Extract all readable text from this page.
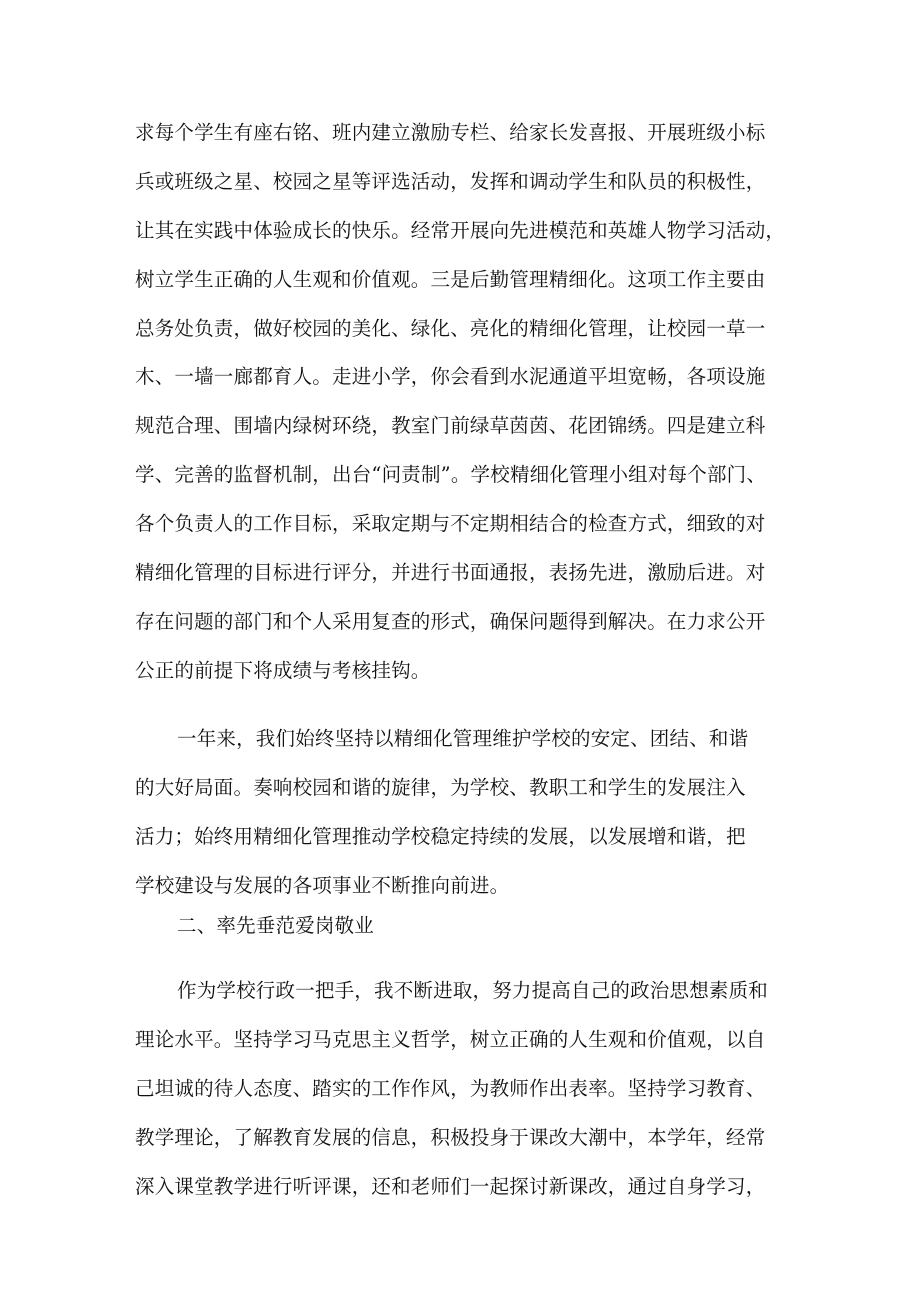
求每个学生有座右铭、班内建立激励专栏、给家长发喜报、开展班级小标
兵或班级之星、校园之星等评选活动，发挥和调动学生和队员的积极性，
让其在实践中体验成长的快乐。经常开展向先进模范和英雄人物学习活动，
树立学生正确的人生观和价值观。三是后勤管理精细化。这项工作主要由
总务处负责，做好校园的美化、绿化、亮化的精细化管理，让校园一草一
木、一墙一廊都育人。走进小学，你会看到水泥通道平坦宽畅，各项设施
规范合理、围墙内绿树环绕，教室门前绿草茵茵、花团锦绣。四是建立科
学、完善的监督机制，出台“问责制”。学校精细化管理小组对每个部门、
各个负责人的工作目标，采取定期与不定期相结合的检查方式，细致的对
精细化管理的目标进行评分，并进行书面通报，表扬先进，激励后进。对
存在问题的部门和个人采用复查的形式，确保问题得到解决。在力求公开
公正的前提下将成绩与考核挂钩。
一年来，我们始终坚持以精细化管理维护学校的安定、团结、和谐
的大好局面。奏响校园和谐的旋律，为学校、教职工和学生的发展注入
活力；始终用精细化管理推动学校稳定持续的发展，以发展增和谐，把
学校建设与发展的各项事业不断推向前进。
二、率先垂范爱岗敬业
作为学校行政一把手，我不断进取，努力提高自己的政治思想素质和
理论水平。坚持学习马克思主义哲学，树立正确的人生观和价值观，以自
己坦诚的待人态度、踏实的工作作风，为教师作出表率。坚持学习教育、
教学理论，了解教育发展的信息，积极投身于课改大潮中，本学年，经常
深入课堂教学进行听评课，还和老师们一起探讨新课改，通过自身学习，
